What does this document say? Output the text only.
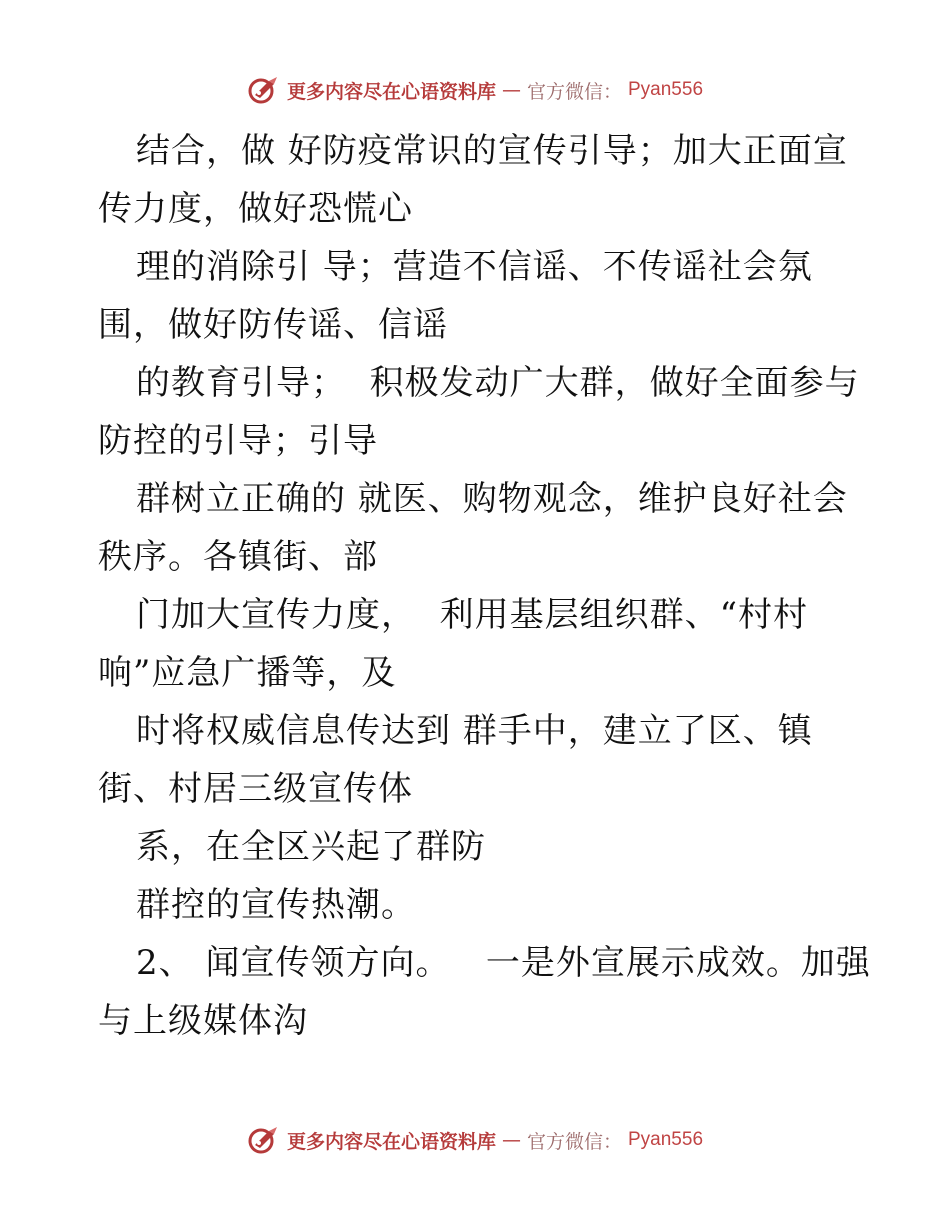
更多内容尽在心语资料库 — 官方微信： Pyan556
结合，做 好防疫常识的宣传引导；加大正面宣
传力度，做好恐慌心
理的消除引 导；营造不信谣、不传谣社会氛
围，做好防传谣、信谣
的教育引导；  积极发动广大群，做好全面参与
防控的引导；引导
群树立正确的 就医、购物观念，维护良好社会
秩序。各镇街、部
门加大宣传力度，  利用基层组织群、“村村
响”应急广播等，及
时将权威信息传达到 群手中，建立了区、镇
街、村居三级宣传体
系，在全区兴起了群防
群控的宣传热潮。
2、 闻宣传领方向。   一是外宣展示成效。加强
与上级媒体沟
更多内容尽在心语资料库 — 官方微信： Pyan556
